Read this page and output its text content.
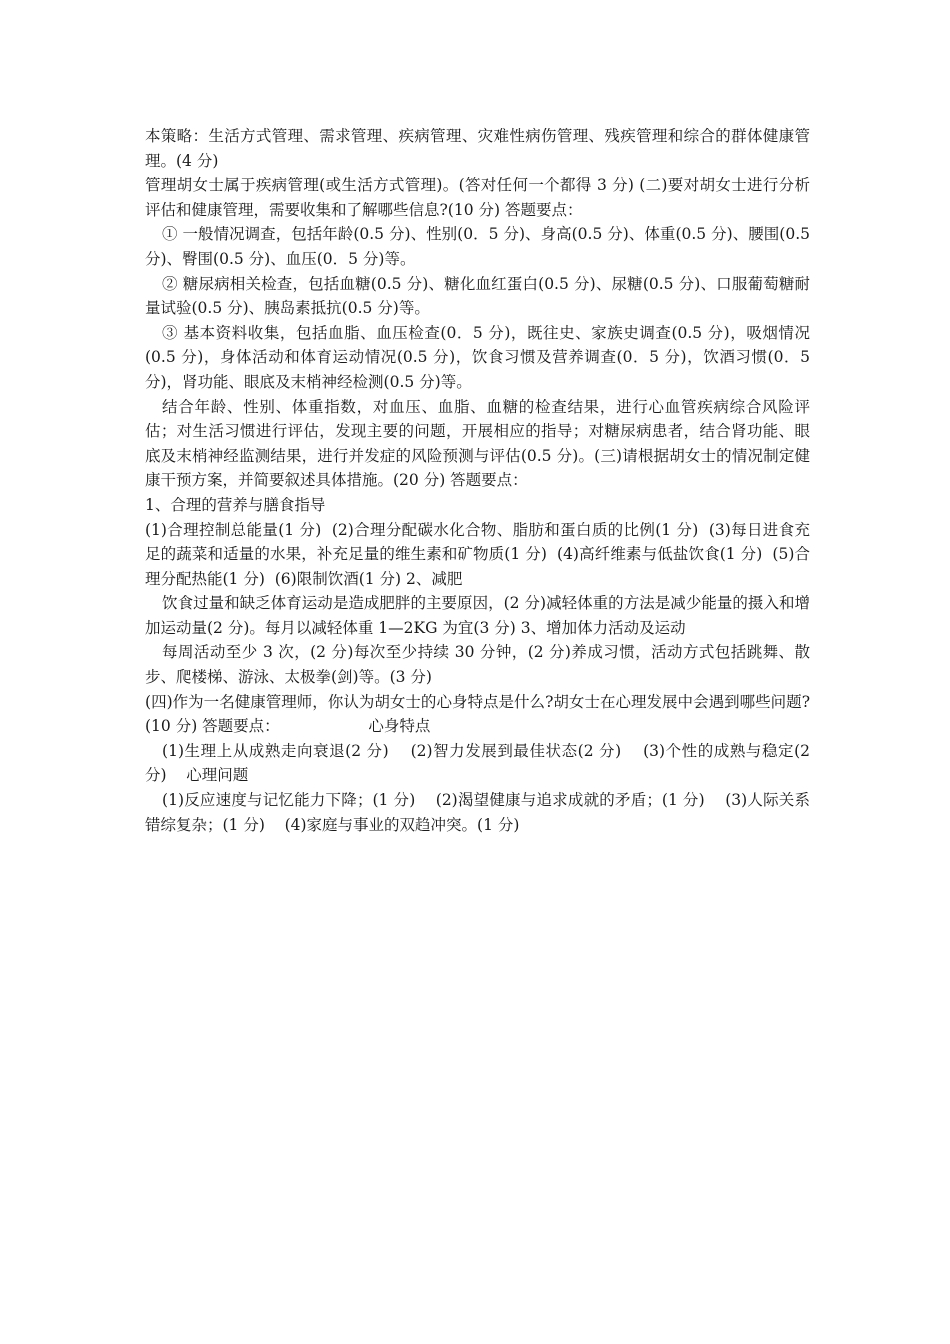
本策略：生活方式管理、需求管理、疾病管理、灾难性病伤管理、残疾管理和综合的群体健康管理。(4 分)

管理胡女士属于疾病管理(或生活方式管理)。(答对任何一个都得 3 分) (二)要对胡女士进行分析评估和健康管理，需要收集和了解哪些信息?(10 分) 答题要点：

① 一般情况调查，包括年龄(0.5 分)、性别(0．5 分)、身高(0.5 分)、体重(0.5 分)、腰围(0.5 分)、臀围(0.5 分)、血压(0．5 分)等。

② 糖尿病相关检查，包括血糖(0.5 分)、糖化血红蛋白(0.5 分)、尿糖(0.5 分)、口服葡萄糖耐量试验(0.5 分)、胰岛素抵抗(0.5 分)等。

③ 基本资料收集，包括血脂、血压检查(0．5 分)，既往史、家族史调查(0.5 分)，吸烟情况(0.5 分)，身体活动和体育运动情况(0.5 分)，饮食习惯及营养调查(0．5 分)，饮酒习惯(0．5 分)，肾功能、眼底及末梢神经检测(0.5 分)等。

结合年龄、性别、体重指数，对血压、血脂、血糖的检查结果，进行心血管疾病综合风险评估；对生活习惯进行评估，发现主要的问题，开展相应的指导；对糖尿病患者，结合肾功能、眼底及末梢神经监测结果，进行并发症的风险预测与评估(0.5 分)。(三)请根据胡女士的情况制定健康干预方案，并简要叙述具体措施。(20 分) 答题要点：

1、合理的营养与膳食指导

(1)合理控制总能量(1 分)  (2)合理分配碳水化合物、脂肪和蛋白质的比例(1 分)  (3)每日进食充足的蔬菜和适量的水果，补充足量的维生素和矿物质(1 分)  (4)高纤维素与低盐饮食(1 分)  (5)合理分配热能(1 分)  (6)限制饮酒(1 分) 2、减肥

饮食过量和缺乏体育运动是造成肥胖的主要原因，(2 分)减轻体重的方法是减少能量的摄入和增加运动量(2 分)。每月以减轻体重 1—2KG 为宜(3 分) 3、增加体力活动及运动

每周活动至少 3 次，(2 分)每次至少持续 30 分钟，(2 分)养成习惯，活动方式包括跳舞、散步、爬楼梯、游泳、太极拳(剑)等。(3 分)

(四)作为一名健康管理师，你认为胡女士的心身特点是什么?胡女士在心理发展中会遇到哪些问题?(10 分) 答题要点：                  心身特点

(1)生理上从成熟走向衰退(2 分)    (2)智力发展到最佳状态(2 分)    (3)个性的成熟与稳定(2 分)    心理问题

(1)反应速度与记忆能力下降；(1 分)    (2)渴望健康与追求成就的矛盾；(1 分)    (3)人际关系错综复杂；(1 分)    (4)家庭与事业的双趋冲突。(1 分)
